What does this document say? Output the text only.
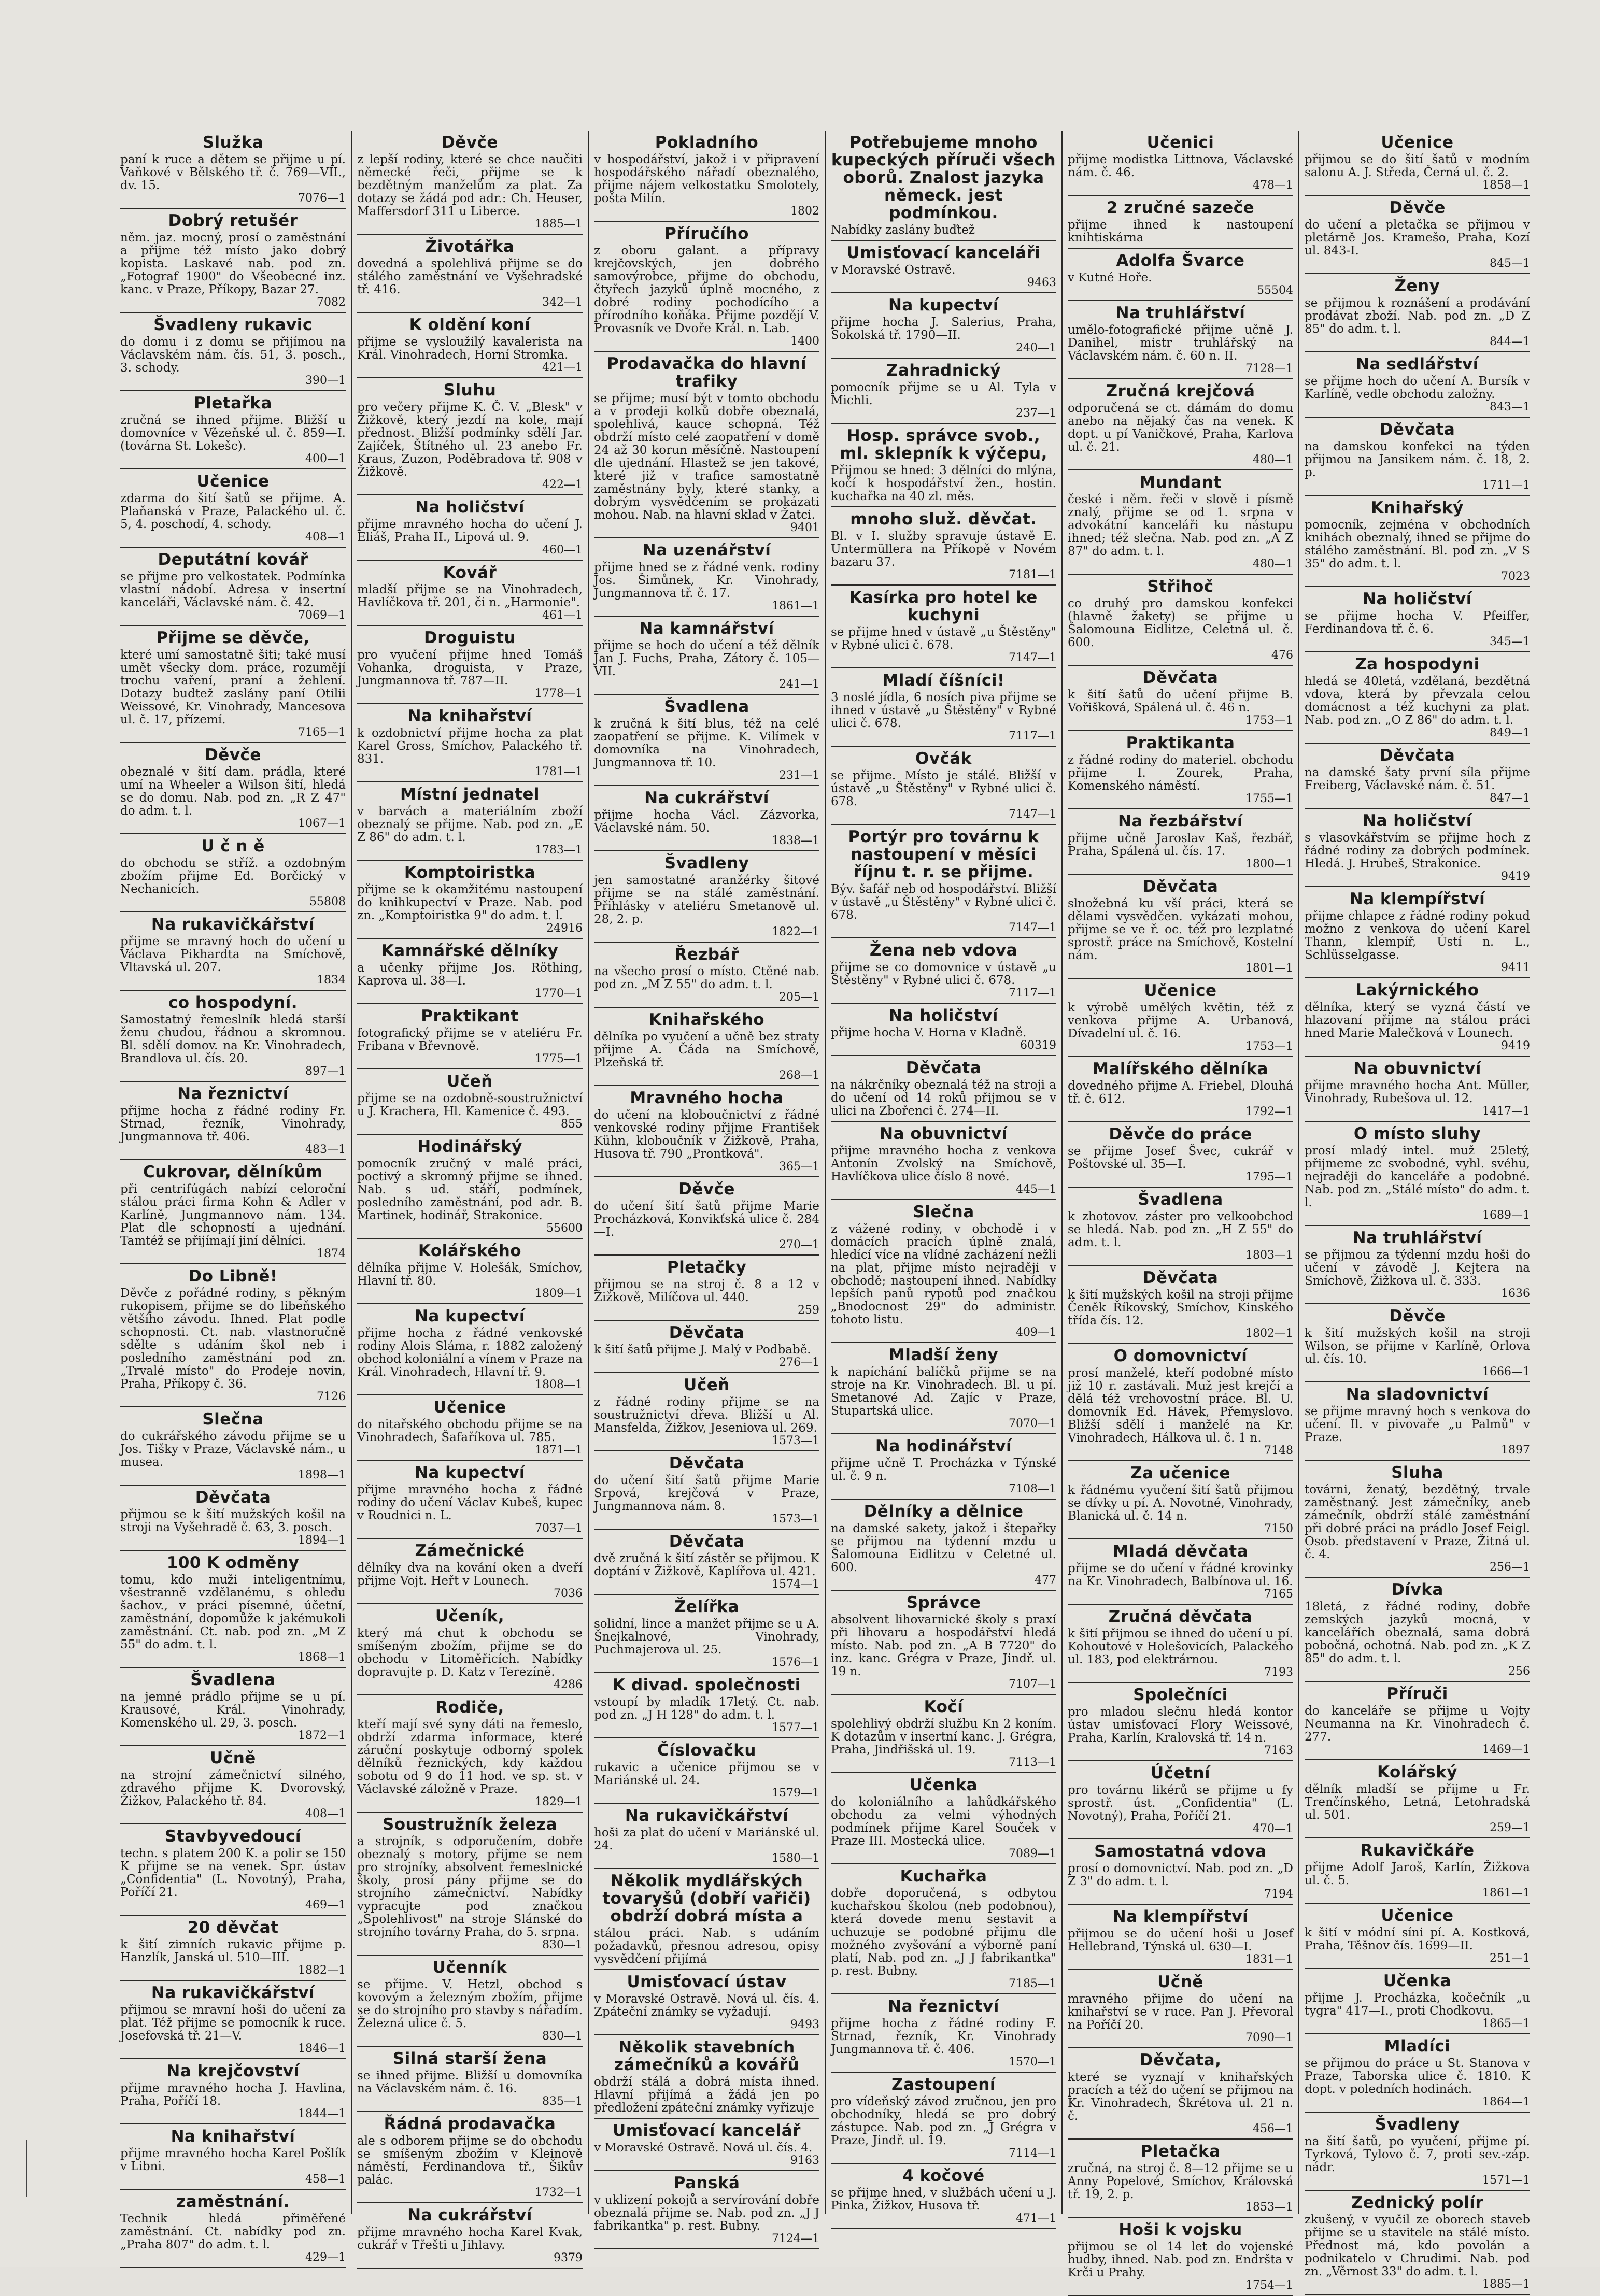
Služka

paní k ruce a dětem se přijme u pí. Vaňkové v Bělského tř. č. 769—VII., dv. 15.

7076—1
Dobrý retušér

něm. jaz. mocný, prosí o zaměstnání a přijme též místo jako dobrý kopista. Laskavé nab. pod zn. „Fotograf 1900" do Všeobecné inz. kanc. v Praze, Příkopy, Bazar 27.

7082
Švadleny rukavic

do domu i z domu se přijímou na Václavském nám. čís. 51, 3. posch., 3. schody.

390—1
Pletařka

zručná se ihned přijme. Bližší u domovníce v Vězeňské ul. č. 859—I. (továrna St. Lokešc).

400—1
Učenice

zdarma do šití šatů se přijme. A. Plaňanská v Praze, Palackého ul. č. 5, 4. poschodí, 4. schody.

408—1
Deputátní kovář

se přijme pro velkostatek. Podmínka vlastní nádobí. Adresa v insertní kanceláři, Václavské nám. č. 42.

7069—1
Přijme se děvče,

které umí samostatně šiti; také musí umět všecky dom. práce, rozumějí trochu vaření, praní a žehlení. Dotazy budtež zaslány paní Otilii Weissové, Kr. Vinohrady, Mancesova ul. č. 17, přízemí.

7165—1
Děvče

obeznalé v šití dam. prádla, které umí na Wheeler a Wilson šití, hledá se do domu. Nab. pod zn. „R Z 47" do adm. t. l.

1067—1
U č n ě

do obchodu se stříž. a ozdobným zbožím přijme Ed. Borčický v Nechanicích.

55808
Na rukavičkářství

přijme se mravný hoch do učení u Václava Pikhardta na Smíchově, Vltavská ul. 207.

1834
co hospodyní.

Samostatný řemeslník hledá starší ženu chudou, řádnou a skromnou. Bl. sdělí domov. na Kr. Vinohradech, Brandlova ul. čís. 20.

897—1
Na řeznictví

přijme hocha z řádné rodiny Fr. Strnad, řezník, Vinohrady, Jungmannova tř. 406.

483—1
Cukrovar, dělníkům

při centrifúgách nabízí celoroční stálou práci firma Kohn & Adler v Karlíně, Jungmannovo nám. 134. Plat dle schopností a ujednání. Tamtéž se přijímají jiní dělníci.

1874
Do Libně!

Děvče z pořádné rodiny, s pěkným rukopisem, přijme se do libeňského většího závodu. Ihned. Plat podle schopnosti. Ct. nab. vlastnoručně sdělte s udáním škol neb i posledního zaměstnání pod zn. „Trvalé místo" do Prodeje novin, Praha, Příkopy č. 36.

7126
Slečna

do cukrářského závodu přijme se u Jos. Tišky v Praze, Václavské nám., u musea.

1898—1
Děvčata

přijmou se k šití mužských košil na stroji na Vyšehradě č. 63, 3. posch.

1894—1
100 K odměny

tomu, kdo muži inteligentnímu, všestranně vzdělanému, s ohledu šachov., v práci písemné, účetní, zaměstnání, dopomůže k jakémukoli zaměstnání. Ct. nab. pod zn. „M Z 55" do adm. t. l.

1868—1
Švadlena

na jemné prádlo přijme se u pí. Krausové, Král. Vinohrady, Komenského ul. 29, 3. posch.

1872—1
Učně

na strojní zámečnictví silného, zdravého přijme K. Dvorovský, Žižkov, Palackého tř. 84.

408—1
Stavbyvedoucí

techn. s platem 200 K. a polir se 150 K přijme se na venek. Spr. ústav „Confidentia" (L. Novotný), Praha, Poříčí 21.

469—1
20 děvčat

k šití zimních rukavic přijme p. Hanzlík, Janská ul. 510—III.

1882—1
Na rukavičkářství

přijmou se mravní hoši do učení za plat. Též přijme se pomocník k ruce. Josefovská tř. 21—V.

1846—1
Na krejčovství

přijme mravného hocha J. Havlina, Praha, Poříčí 18.

1844—1
Na knihařství

přijme mravného hocha Karel Pošlík v Libni.

458—1
zaměstnání.

Technik hledá přiměřené zaměstnání. Ct. nabídky pod zn. „Praha 807" do adm. t. l.

429—1
Děvče

z lepší rodiny, které se chce naučiti německé řeči, přijme se k bezdětným manželům za plat. Za dotazy se žádá pod adr.: Ch. Heuser, Maffersdorf 311 u Liberce.

1885—1
Životářka

dovedná a spolehlivá přijme se do stálého zaměstnání ve Vyšehradské tř. 416.

342—1
K oldění koní

přijme se vysloužilý kavalerista na Král. Vinohradech, Horní Stromka.

421—1
Sluhu

pro večery přijme K. Č. V. „Blesk" v Žižkově, který jezdí na kole, mají přednost. Bližší podmínky sdělí Jar. Zajíček, Štítného ul. 23 anebo Fr. Kraus, Zuzon, Poděbradova tř. 908 v Žižkově.

422—1
Na holičství

přijme mravného hocha do učení J. Eliáš, Praha II., Lipová ul. 9.

460—1
Kovář

mladší přijme se na Vinohradech, Havlíčkova tř. 201, či n. „Harmonie".

461—1
Droguistu

pro vyučení přijme hned Tomáš Vohanka, droguista, v Praze, Jungmannova tř. 787—II.

1778—1
Na knihařství

k ozdobnictví přijme hocha za plat Karel Gross, Smíchov, Palackého tř. 831.

1781—1
Místní jednatel

v barvách a materiálním zboží obeznalý se přijme. Nab. pod zn. „E Z 86" do adm. t. l.

1783—1
Komptoiristka

přijme se k okamžitému nastoupení do knihkupectví v Praze. Nab. pod zn. „Komptoiristka 9" do adm. t. l.

24916
Kamnářské dělníky

a učenky přijme Jos. Röthing, Kaprova ul. 38—I.

1770—1
Praktikant

fotografický přijme se v ateliéru Fr. Fribana v Břevnově.

1775—1
Učeň

přijme se na ozdobně-soustružnictví u J. Krachera, Hl. Kamenice č. 493.

855
Hodinářský

pomocník zručný v malé práci, poctivý a skromný přijme se ihned. Nab. s ud. stáří, podmínek, posledního zaměstnání, pod adr. B. Martinek, hodinář, Strakonice.

55600
Kolářského

dělníka přijme V. Holešák, Smíchov, Hlavní tř. 80.

1809—1
Na kupectví

přijme hocha z řádné venkovské rodiny Alois Sláma, r. 1882 založený obchod koloniální a vínem v Praze na Král. Vinohradech, Hlavní tř. 9.

1808—1
Učenice

do nitařského obchodu přijme se na Vinohradech, Šafaříkova ul. 785.

1871—1
Na kupectví

přijme mravného hocha z řádné rodiny do učení Václav Kubeš, kupec v Roudnici n. L.

7037—1
Zámečnické

dělníky dva na kování oken a dveří přijme Vojt. Heřt v Lounech.

7036
Učeník,

který má chut k obchodu se smíšeným zbožím, přijme se do obchodu v Litoměřicích. Nabídky dopravujte p. D. Katz v Terezíně.

4286
Rodiče,

kteří mají své syny dáti na řemeslo, obdrží zdarma informace, které záruční poskytuje odborný spolek dělníků řeznických, kdy každou sobotu od 9 do 11 hod. ve sp. st. v Václavské záložně v Praze.

1829—1
Soustružník železa

a strojník, s odporučením, dobře obeznalý s motory, přijme se nem pro strojníky, absolvent řemeslnické školy, prosí pány přijme se do strojního zámečnictví. Nabídky vypracujte pod značkou „Spolehlivost" na stroje Slánské do strojního továrny Praha, do 5. srpna.

830—1
Učenník

se přijme. V. Hetzl, obchod s kovovým a železným zbožím, přijme se do strojního pro stavby s nářadím. Železná ulice č. 5.

830—1
Silná starší žena

se ihned přijme. Bližší u domovníka na Václavském nám. č. 16.

835—1
Řádná prodavačka

ale s odborem přijme se do obchodu se smíšeným zbožím v Kleinově náměstí, Ferdinandova tř., Šikův palác.

1732—1
Na cukrářství

přijme mravného hocha Karel Kvak, cukrář v Třešti u Jihlavy.

9379
Pokladního

v hospodářství, jakož i v připravení hospodářského nářadí obeznalého, přijme nájem velkostatku Smolotely, pošta Milín.

1802
Příručího

z oboru galant. a přípravy krejčovských, jen dobrého samovýrobce, přijme do obchodu, čtyřech jazyků úplně mocného, z dobré rodiny pochodícího a přírodního koňáka. Přijme pozdějí V. Provasník ve Dvoře Král. n. Lab.

1400
Prodavačka do hlavní trafiky

se přijme; musí být v tomto obchodu a v prodeji kolků dobře obeznalá, spolehlivá, kauce schopná. Též obdrží místo celé zaopatření v domě 24 až 30 korun měsíčně. Nastoupení dle ujednání. Hlastež se jen takové, které již v trafice samostatně zaměstnány byly, které stanky, a dobrým vysvědčením se prokázati mohou. Nab. na hlavní sklad v Žatci.

9401
Na uzenářství

přijme hned se z řádné venk. rodiny Jos. Šimůnek, Kr. Vinohrady, Jungmannova tř. č. 17.

1861—1
Na kamnářství

přijme se hoch do učení a též dělník Jan J. Fuchs, Praha, Zátory č. 105—VII.

241—1
Švadlena

k zručná k šití blus, též na celé zaopatření se přijme. K. Vilímek v domovníka na Vinohradech, Jungmannova tř. 10.

231—1
Na cukrářství

přijme hocha Václ. Zázvorka, Václavské nám. 50.

1838—1
Švadleny

jen samostatné aranžérky šitové přijme se na stálé zaměstnání. Přihlásky v ateliéru Smetanově ul. 28, 2. p.

1822—1
Řezbář

na všecho prosí o místo. Ctěné nab. pod zn. „M Z 55" do adm. t. l.

205—1
Knihařského

dělníka po vyučení a učně bez straty přijme A. Čáda na Smíchově, Plzeňská tř.

268—1
Mravného hocha

do učení na kloboučnictví z řádné venkovské rodiny přijme František Kühn, kloboučník v Žižkově, Praha, Husova tř. 790 „Prontková".

365—1
Děvče

do učení šití šatů přijme Marie Procházková, Konvikťská ulice č. 284—I.

270—1
Pletačky

přijmou se na stroj č. 8 a 12 v Žižkově, Milíčova ul. 440.

259
Děvčata

k šití šatů přijme J. Malý v Podbabě.

276—1
Učeň

z řádné rodiny přijme se na soustružnictví dřeva. Bližší u Al. Mansfelda, Žižkov, Jeseniova ul. 269.

1573—1
Děvčata

do učení šití šatů přijme Marie Srpová, krejčová v Praze, Jungmannova nám. 8.

1573—1
Děvčata

dvě zručná k šití zástěr se přijmou. K doptání v Žižkově, Kaplířova ul. 421.

1574—1
Želířka

solidní, lince a manžet přijme se u A. Šnejkalnové, Vinohrady, Puchmajerova ul. 25.

1576—1
K divad. společnosti

vstoupí by mladík 17letý. Ct. nab. pod zn. „J H 128" do adm. t. l.

1577—1
Číslovačku

rukavic a učenice přijmou se v Mariánské ul. 24.

1579—1
Na rukavičkářství

hoši za plat do učení v Mariánské ul. 24.

1580—1
Několik mydlářských tovaryšů (dobří vařiči) obdrží dobrá místa a

stálou práci. Nab. s udáním požadavků, přesnou adresou, opisy vysvědčení přijímá

Umisťovací ústav

v Moravské Ostravě. Nová ul. čís. 4. Zpáteční známky se vyžadují.

9493
Několik stavebních zámečníků a kovářů

obdrží stálá a dobrá místa ihned. Hlavní přijímá a žádá jen po předložení zpáteční známky vyřizuje

Umisťovací kancelář

v Moravské Ostravě. Nová ul. čís. 4.

9163
Panská

v uklizení pokojů a servírování dobře obeznalá přijme se. Nab. pod zn. „J J fabrikantka" p. rest. Bubny.

7124—1
Potřebujeme mnoho kupeckých příruči všech oborů. Znalost jazyka německ. jest podmínkou.

Nabídky zaslány buďtež

Umisťovací kanceláři

v Moravské Ostravě.

9463
Na kupectví

přijme hocha J. Salerius, Praha, Sokolská tř. 1790—II.

240—1
Zahradnický

pomocník přijme se u Al. Tyla v Michli.

237—1
Hosp. správce svob., ml. sklepník k výčepu,

Přijmou se hned: 3 dělníci do mlýna, kočí k hospodářství žen., hostin. kuchařka na 40 zl. měs.

mnoho služ. děvčat.

Bl. v I. služby spravuje ústavě E. Untermüllera na Příkopě v Novém bazaru 37.

7181—1
Kasírka pro hotel ke kuchyni

se přijme hned v ústavě „u Štěstěny" v Rybné ulici č. 678.

7147—1
Mladí číšníci!

3 noslé jídla, 6 nosích piva přijme se ihned v ústavě „u Štěstěny" v Rybné ulici č. 678.

7117—1
Ovčák

se přijme. Místo je stálé. Bližší v ústavě „u Štěstěny" v Rybné ulici č. 678.

7147—1
Portýr pro továrnu k nastoupení v měsíci říjnu t. r. se přijme.

Býv. šafář neb od hospodářství. Bližší v ústavě „u Štěstěny" v Rybné ulici č. 678.

7147—1
Žena neb vdova

přijme se co domovnice v ústavě „u Štěstěny" v Rybné ulici č. 678.

7117—1
Na holičství

přijme hocha V. Horna v Kladně.

60319
Děvčata

na nákrčníky obeznalá též na stroji a do učení od 14 roků přijmou se v ulici na Zbořenci č. 274—II.

Na obuvnictví

přijme mravného hocha z venkova Antonín Zvolský na Smíchově, Havlíčkova ulice číslo 8 nové.

445—1
Slečna

z vážené rodiny, v obchodě i v domácích pracích úplně znalá, hledící více na vlídné zacházení nežli na plat, přijme místo nejraději v obchodě; nastoupení ihned. Nabídky lepších panů rypotů pod značkou „Bnodocnost 29" do administr. tohoto listu.

409—1
Mladší ženy

k napíchání balíčků přijme se na stroje na Kr. Vinohradech. Bl. u pí. Smetanové Ad. Zajíc v Praze, Stupartská ulice.

7070—1
Na hodinářství

přijme učně T. Procházka v Týnské ul. č. 9 n.

7108—1
Dělníky a dělnice

na damské sakety, jakož i štepařky se přijmou na týdenní mzdu u Šalomouna Eidlitzu v Celetné ul. 600.

477
Správce

absolvent lihovarnické školy s praxí při lihovaru a hospodářství hledá místo. Nab. pod zn. „A B 7720" do inz. kanc. Grégra v Praze, Jindř. ul. 19 n.

7107—1
Kočí

spolehlivý obdrží službu Kn 2 koním. K dotazům v insertní kanc. J. Grégra, Praha, Jindřišská ul. 19.

7113—1
Učenka

do koloniálního a lahůdkářského obchodu za velmi výhodných podmínek přijme Karel Souček v Praze III. Mostecká ulice.

7089—1
Kuchařka

dobře doporučená, s odbytou kuchařskou školou (neb podobnou), která dovede menu sestavit a uchuzuje se podobné přijmu dle možného zvyšování a výborně paní platí, Nab. pod zn. „J J fabrikantka" p. rest. Bubny.

7185—1
Na řeznictví

přijme hocha z řádné rodiny F. Strnad, řezník, Kr. Vinohrady Jungmannova tř. č. 406.

1570—1
Zastoupení

pro vídeňský závod zručnou, jen pro obchodníky, hledá se pro dobrý zástupce. Nab. pod zn. „J Grégra v Praze, Jindř. ul. 19.

7114—1
4 kočové

se přijme hned, v službách učení u J. Pinka, Žižkov, Husova tř.

471—1
Učenici

přijme modistka Littnova, Václavské nám. č. 46.

478—1
2 zručné sazeče

přijme ihned k nastoupení knihtiskárna

Adolfa Švarce

v Kutné Hoře.

55504
Na truhlářství

umělo-fotografické přijme učně J. Danihel, mistr truhlářský na Václavském nám. č. 60 n. II.

7128—1
Zručná krejčová

odporučená se ct. dámám do domu anebo na nějaký čas na venek. K dopt. u pí Vaničkové, Praha, Karlova ul. č. 21.

480—1
Mundant

české i něm. řeči v slově i písmě znalý, přijme se od 1. srpna v advokátní kanceláři ku nástupu ihned; též slečna. Nab. pod zn. „A Z 87" do adm. t. l.

480—1
Střihoč

co druhý pro damskou konfekci (hlavně žakety) se přijme u Šalomouna Eidlitze, Celetná ul. č. 600.

476
Děvčata

k šití šatů do učení přijme B. Vořišková, Spálená ul. č. 46 n.

1753—1
Praktikanta

z řádné rodiny do materiel. obchodu přijme I. Zourek, Praha, Komenského náměstí.

1755—1
Na řezbářství

přijme učně Jaroslav Kaš, řezbář, Praha, Spálená ul. čís. 17.

1800—1
Děvčata

slnožebná ku vší práci, která se dělami vysvědčen. vykázati mohou, přijme se ve ř. oc. též pro lezplatné sprostř. práce na Smíchově, Kostelní nám.

1801—1
Učenice

k výrobě umělých květin, též z venkova přijme A. Urbanová, Dívadelní ul. č. 16.

1753—1
Malířského dělníka

dovedného přijme A. Friebel, Dlouhá tř. č. 612.

1792—1
Děvče do práce

se přijme Josef Švec, cukrář v Poštovské ul. 35—I.

1795—1
Švadlena

k zhotovov. záster pro velkoobchod se hledá. Nab. pod zn. „H Z 55" do adm. t. l.

1803—1
Děvčata

k šití mužských košil na stroji přijme Čeněk Říkovský, Smíchov, Kinského třída čís. 12.

1802—1
O domovnictví

prosí manželé, kteří podobné místo již 10 r. zastávali. Muž jest krejčí a dělá též vrchovostní práce. Bl. U. domovník Ed. Hávek, Přemyslovo. Bližší sdělí i manželé na Kr. Vinohradech, Hálkova ul. č. 1 n.

7148
Za učenice

k řádnému vyučení šití šatů přijmou se dívky u pí. A. Novotné, Vinohrady, Blanická ul. č. 14 n.

7150
Mladá děvčata

přijme se do učení v řádné krovinky na Kr. Vinohradech, Balbínova ul. 16.

7165
Zručná děvčata

k šití přijmou se ihned do učení u pí. Kohoutové v Holešovicích, Palackého ul. 183, pod elektrárnou.

7193
Společníci

pro mladou slečnu hledá kontor ústav umisťovací Flory Weissové, Praha, Karlín, Kralovská tř. 14 n.

7163
Účetní

pro továrnu likérů se přijme u fy sprostř. úst. „Confidentia" (L. Novotný), Praha, Poříčí 21.

470—1
Samostatná vdova

prosí o domovnictví. Nab. pod zn. „D Z 3" do adm. t. l.

7194
Na klempířství

přijmou se do učení hoši u Josef Hellebrand, Týnská ul. 630—I.

1831—1
Učně

mravného přijme do učení na knihařství se v ruce. Pan J. Převoral na Poříčí 20.

7090—1
Děvčata,

které se vyznají v knihařských pracích a též do učení se přijmou na Kr. Vinohradech, Škrétova ul. 21 n. č.

456—1
Pletačka

zručná, na stroj č. 8—12 přijme se u Anny Popelové, Smíchov, Královská tř. 19, 2. p.

1853—1
Hoši k vojsku

přijmou se ol 14 let do vojenské hudby, ihned. Nab. pod zn. Endršta v Krči u Prahy.

1754—1
Učenice

přijmou se do šití šatů v modním salonu A. J. Středa, Černá ul. č. 2.

1858—1
Děvče

do učení a pletačka se přijmou v pletárně Jos. Kramešo, Praha, Kozí ul. 843-I.

845—1
Ženy

se přijmou k roznášení a prodávání prodávat zboží. Nab. pod zn. „D Z 85" do adm. t. l.

844—1
Na sedlářství

se přijme hoch do učení A. Bursík v Karlíně, vedle obchodu založny.

843—1
Děvčata

na damskou konfekci na týden přijmou na Jansikem nám. č. 18, 2. p.

1711—1
Knihařský

pomocník, zejména v obchodních knihách obeznalý, ihned se přijme do stálého zaměstnání. Bl. pod zn. „V S 35" do adm. t. l.

7023
Na holičství

se přijme hocha V. Pfeiffer, Ferdinandova tř. č. 6.

345—1
Za hospodyni

hledá se 40letá, vzdělaná, bezdětná vdova, která by převzala celou domácnost a též kuchyni za plat. Nab. pod zn. „O Z 86" do adm. t. l.

849—1
Děvčata

na damské šaty první síla přijme Freiberg, Václavské nám. č. 51.

847—1
Na holičství

s vlasovkářstvím se přijme hoch z řádné rodiny za dobrých podmínek. Hledá. J. Hrubeš, Strakonice.

9419
Na klempířství

přijme chlapce z řádné rodiny pokud možno z venkova do učení Karel Thann, klempíř, Ústí n. L., Schlüsselgasse.

9411
Lakýrnického

dělníka, který se vyzná částí ve hlazovaní přijme na stálou práci hned Marie Malečková v Lounech.

9419
Na obuvnictví

přijme mravného hocha Ant. Müller, Vinohrady, Rubešova ul. 12.

1417—1
O místo sluhy

prosí mladý intel. muž 25letý, přijmeme zc svobodné, vyhl. svéhu, nejraději do kanceláře a podobné. Nab. pod zn. „Stálé místo" do adm. t. l.

1689—1
Na truhlářství

se přijmou za týdenní mzdu hoši do učení v závodě J. Kejtera na Smíchově, Žižkova ul. č. 333.

1636
Děvče

k šití mužských košil na stroji Wilson, se přijme v Karlíně, Orlova ul. čís. 10.

1666—1
Na sladovnictví

se přijme mravný hoch s venkova do učení. Il. v pivovaře „u Palmů" v Praze.

1897
Sluha

továrni, ženatý, bezdětný, trvale zaměstnaný. Jest zámečníky, aneb zámečník, obdrží stálé zaměstnání při dobré práci na prádlo Josef Feigl. Osob. představení v Praze, Žitná ul. č. 4.

256—1
Dívka

18letá, z řádné rodiny, dobře zemských jazyků mocná, v kancelářích obeznalá, sama dobrá pobočná, ochotná. Nab. pod zn. „K Z 85" do adm. t. l.

256
Příruči

do kanceláře se přijme u Vojty Neumanna na Kr. Vinohradech č. 277.

1469—1
Kolářský

dělník mladší se přijme u Fr. Trenčínského, Letná, Letohradská ul. 501.

259—1
Rukavičkáře

přijme Adolf Jaroš, Karlín, Žižkova ul. č. 5.

1861—1
Učenice

k šití v módní síni pí. A. Kostková, Praha, Těšnov čís. 1699—II.

251—1
Učenka

přijme J. Procházka, kočečník „u tygra" 417—I., proti Chodkovu.

1865—1
Mladíci

se přijmou do práce u St. Stanova v Praze, Taborska ulice č. 1810. K dopt. v poledních hodinách.

1864—1
Švadleny

na šití šatů, po vyučení, přijme pí. Tyrková, Tylovo č. 7, proti sev.-záp. nádr.

1571—1
Zednický polír

zkušený, v vyučil ze oborech staveb přijme se u stavitele na stálé místo. Přednost má, kdo povolán a podnikatelo v Chrudimi. Nab. pod zn. „Věrnost 33" do adm. t. l.

1885—1
